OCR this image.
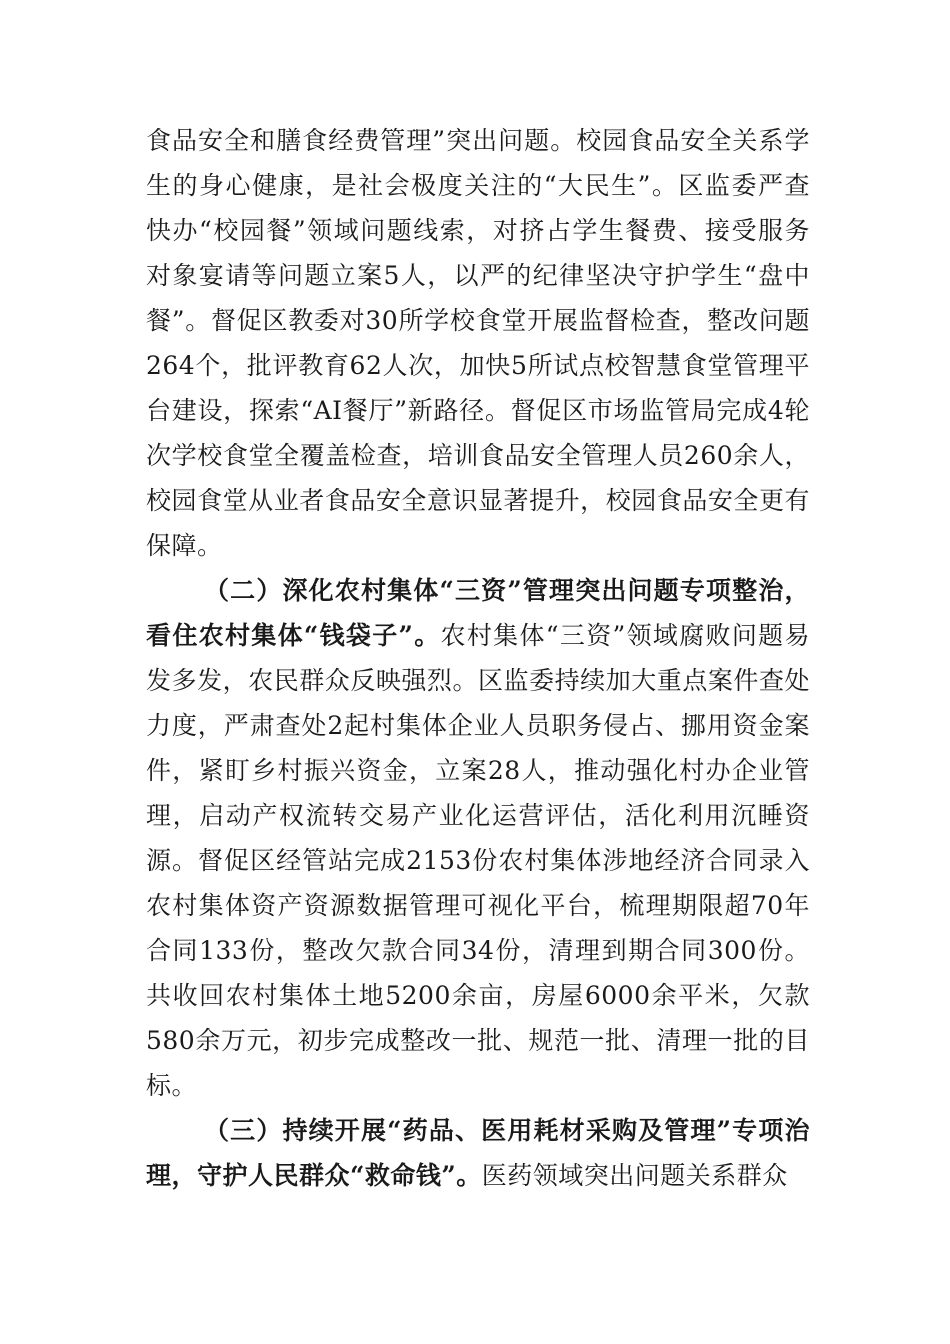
食品安全和膳食经费管理”突出问题。校园食品安全关系学生的身心健康，是社会极度关注的“大民生”。区监委严查快办“校园餐”领域问题线索，对挤占学生餐费、接受服务对象宴请等问题立案5人，以严的纪律坚决守护学生“盘中餐”。督促区教委对30所学校食堂开展监督检查，整改问题264个，批评教育62人次，加快5所试点校智慧食堂管理平台建设，探索“AI餐厅”新路径。督促区市场监管局完成4轮次学校食堂全覆盖检查，培训食品安全管理人员260余人，校园食堂从业者食品安全意识显著提升，校园食品安全更有保障。

（二）深化农村集体“三资”管理突出问题专项整治，看住农村集体“钱袋子”。农村集体“三资”领域腐败问题易发多发，农民群众反映强烈。区监委持续加大重点案件查处力度，严肃查处2起村集体企业人员职务侵占、挪用资金案件，紧盯乡村振兴资金，立案28人，推动强化村办企业管理，启动产权流转交易产业化运营评估，活化利用沉睡资源。督促区经管站完成2153份农村集体涉地经济合同录入农村集体资产资源数据管理可视化平台，梳理期限超70年合同133份，整改欠款合同34份，清理到期合同300份。共收回农村集体土地5200余亩，房屋6000余平米，欠款580余万元，初步完成整改一批、规范一批、清理一批的目标。

（三）持续开展“药品、医用耗材采购及管理”专项治理，守护人民群众“救命钱”。医药领域突出问题关系群众
